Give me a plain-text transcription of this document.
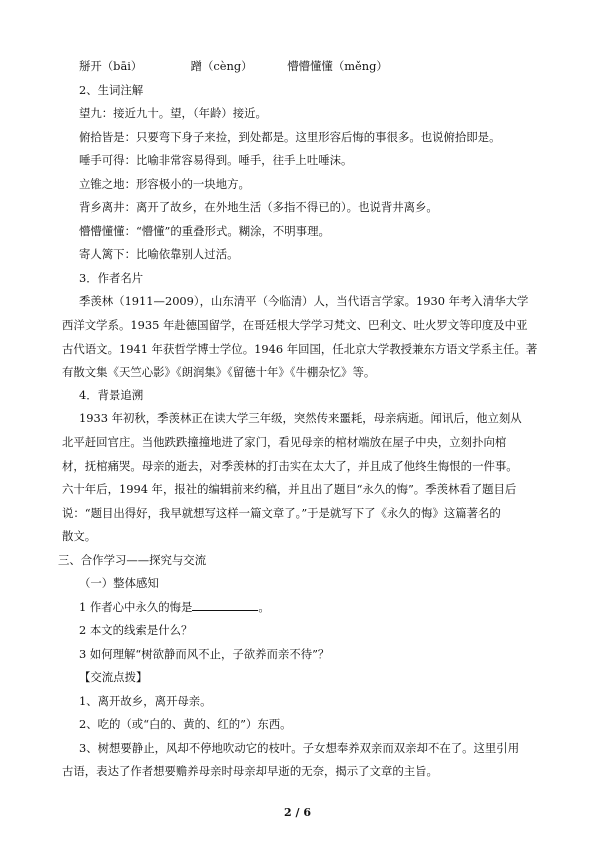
掰开（bāi）	蹭（cèng）	懵懵懂懂（měng）
2、生词注解
望九：接近九十。望，（年龄）接近。
俯拾皆是：只要弯下身子来捡，到处都是。这里形容后悔的事很多。也说俯拾即是。
唾手可得：比喻非常容易得到。唾手，往手上吐唾沫。
立锥之地：形容极小的一块地方。
背乡离井：离开了故乡，在外地生活（多指不得已的）。也说背井离乡。
懵懵懂懂：“懵懂”的重叠形式。糊涂，不明事理。
寄人篱下：比喻依靠别人过活。
3．作者名片
季羡林（1911—2009），山东清平（今临清）人，当代语言学家。1930 年考入清华大学
西洋文学系。1935 年赴德国留学，在哥廷根大学学习梵文、巴利文、吐火罗文等印度及中亚
古代语文。1941 年获哲学博士学位。1946 年回国，任北京大学教授兼东方语文学系主任。著
有散文集《天竺心影》《朗润集》《留德十年》《牛棚杂忆》等。
4．背景追溯
1933 年初秋，季羡林正在读大学三年级，突然传来噩耗，母亲病逝。闻讯后，他立刻从
北平赶回官庄。当他跌跌撞撞地进了家门，看见母亲的棺材端放在屋子中央，立刻扑向棺
材，抚棺痛哭。母亲的逝去，对季羡林的打击实在太大了，并且成了他终生悔恨的一件事。
六十年后，1994 年，报社的编辑前来约稿，并且出了题目“永久的悔”。季羡林看了题目后
说：“题目出得好，我早就想写这样一篇文章了。”于是就写下了《永久的悔》这篇著名的
散文。
三、合作学习——探究与交流
（一）整体感知
1 作者心中永久的悔是	。
2 本文的线索是什么？
3 如何理解“树欲静而风不止，子欲养而亲不待”？
【交流点拨】
1、离开故乡，离开母亲。
2、吃的（或“白的、黄的、红的”）东西。
3、树想要静止，风却不停地吹动它的枝叶。子女想奉养双亲而双亲却不在了。这里引用
古语，表达了作者想要赡养母亲时母亲却早逝的无奈，揭示了文章的主旨。
2 / 6
